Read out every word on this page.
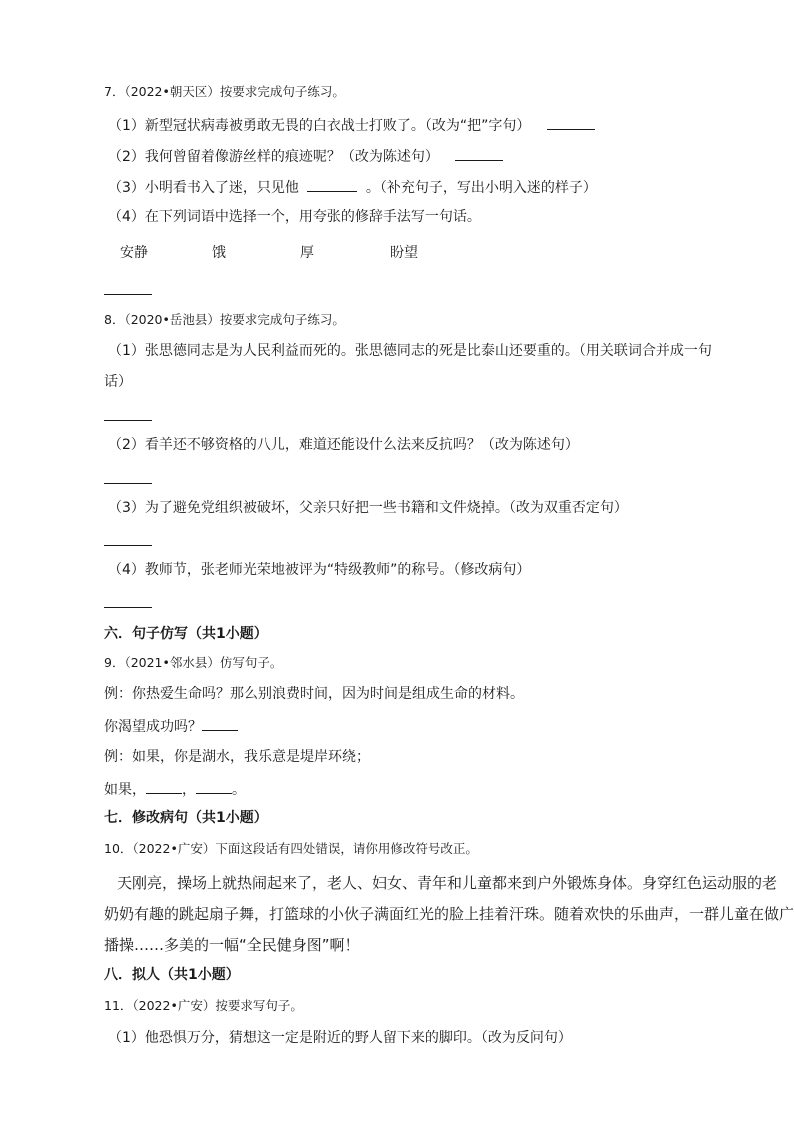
7．（2022•朝天区）按要求完成句子练习。
（1）新型冠状病毒被勇敢无畏的白衣战士打败了。（改为“把”字句）
（2）我何曾留着像游丝样的痕迹呢？（改为陈述句）
（3）小明看书入了迷，只见他	。（补充句子，写出小明入迷的样子）
（4）在下列词语中选择一个，用夸张的修辞手法写一句话。
安静	饿	厚	盼望
8．（2020•岳池县）按要求完成句子练习。
（1）张思德同志是为人民利益而死的。张思德同志的死是比泰山还要重的。（用关联词合并成一句
话）
（2）看羊还不够资格的八儿，难道还能设什么法来反抗吗？（改为陈述句）
（3）为了避免党组织被破坏，父亲只好把一些书籍和文件烧掉。（改为双重否定句）
（4）教师节，张老师光荣地被评为“特级教师”的称号。（修改病句）
六．句子仿写（共1小题）
9．（2021•邻水县）仿写句子。
例：你热爱生命吗？那么别浪费时间，因为时间是组成生命的材料。
你渴望成功吗？
例：如果，你是湖水，我乐意是堤岸环绕；
如果，	，	。
七．修改病句（共1小题）
10．（2022•广安）下面这段话有四处错误，请你用修改符号改正。
天刚亮，操场上就热闹起来了，老人、妇女、青年和儿童都来到户外锻炼身体。身穿红色运动服的老
奶奶有趣的跳起扇子舞，打篮球的小伙子满面红光的脸上挂着汗珠。随着欢快的乐曲声，一群儿童在做广
播操……多美的一幅“全民健身图”啊！
八．拟人（共1小题）
11．（2022•广安）按要求写句子。
（1）他恐惧万分，猜想这一定是附近的野人留下来的脚印。（改为反问句）
